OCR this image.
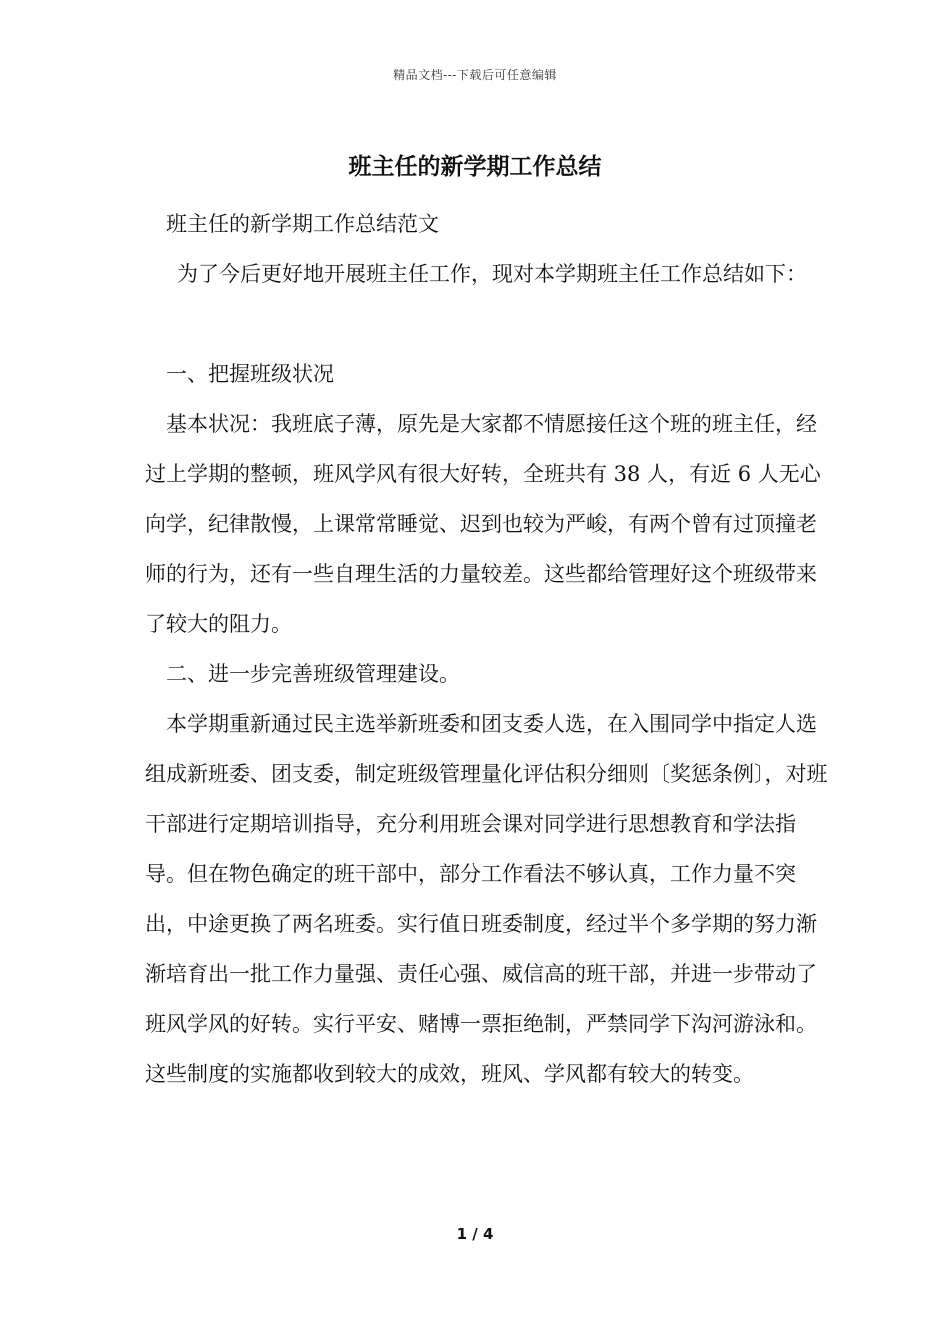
精品文档---下载后可任意编辑
班主任的新学期工作总结

班主任的新学期工作总结范文

为了今后更好地开展班主任工作，现对本学期班主任工作总结如下：

一、把握班级状况

基本状况：我班底子薄，原先是大家都不情愿接任这个班的班主任，经过上学期的整顿，班风学风有很大好转，全班共有 38 人，有近 6 人无心向学，纪律散慢，上课常常睡觉、迟到也较为严峻，有两个曾有过顶撞老师的行为，还有一些自理生活的力量较差。这些都给管理好这个班级带来了较大的阻力。

二、进一步完善班级管理建设。

本学期重新通过民主选举新班委和团支委人选，在入围同学中指定人选组成新班委、团支委，制定班级管理量化评估积分细则〔奖惩条例〕，对班干部进行定期培训指导，充分利用班会课对同学进行思想教育和学法指导。但在物色确定的班干部中，部分工作看法不够认真，工作力量不突出，中途更换了两名班委。实行值日班委制度，经过半个多学期的努力渐渐培育出一批工作力量强、责任心强、威信高的班干部，并进一步带动了班风学风的好转。实行平安、赌博一票拒绝制，严禁同学下沟河游泳和。这些制度的实施都收到较大的成效，班风、学风都有较大的转变。

1 / 4
